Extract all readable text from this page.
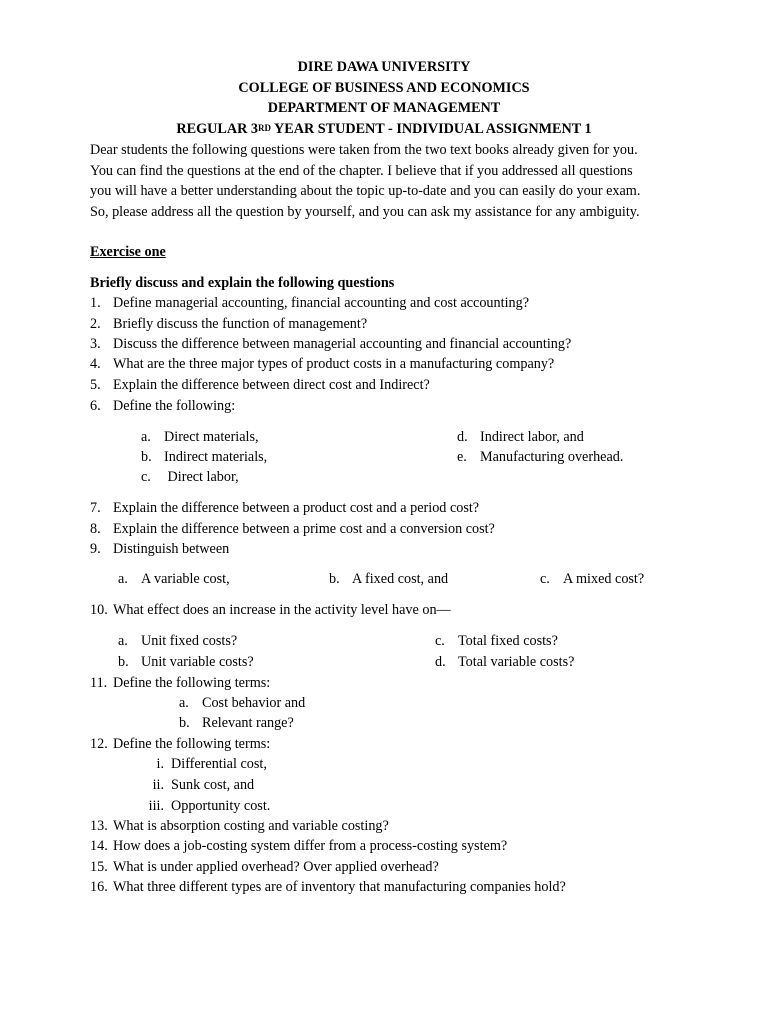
DIRE DAWA UNIVERSITY
COLLEGE OF BUSINESS AND ECONOMICS
DEPARTMENT OF MANAGEMENT
REGULAR 3RD YEAR STUDENT - INDIVIDUAL ASSIGNMENT 1
Dear students the following questions were taken from the two text books already given for you.
You can find the questions at the end of the chapter. I believe that if you addressed all questions
you will have a better understanding about the topic up-to-date and you can easily do your exam.
So, please address all the question by yourself, and you can ask my assistance for any ambiguity.
Exercise one
Briefly discuss and explain the following questions
1. Define managerial accounting, financial accounting and cost accounting?
2. Briefly discuss the function of management?
3. Discuss the difference between managerial accounting and financial accounting?
4. What are the three major types of product costs in a manufacturing company?
5. Explain the difference between direct cost and Indirect?
6. Define the following:
a. Direct materials,
b. Indirect materials,
c. Direct labor,
d. Indirect labor, and
e. Manufacturing overhead.
7. Explain the difference between a product cost and a period cost?
8. Explain the difference between a prime cost and a conversion cost?
9. Distinguish between
a. A variable cost,	b. A fixed cost, and	c. A mixed cost?
10. What effect does an increase in the activity level have on—
a. Unit fixed costs?
b. Unit variable costs?
c. Total fixed costs?
d. Total variable costs?
11. Define the following terms:
a. Cost behavior and
b. Relevant range?
12. Define the following terms:
i. Differential cost,
ii. Sunk cost, and
iii. Opportunity cost.
13. What is absorption costing and variable costing?
14. How does a job-costing system differ from a process-costing system?
15. What is under applied overhead? Over applied overhead?
16. What three different types are of inventory that manufacturing companies hold?
